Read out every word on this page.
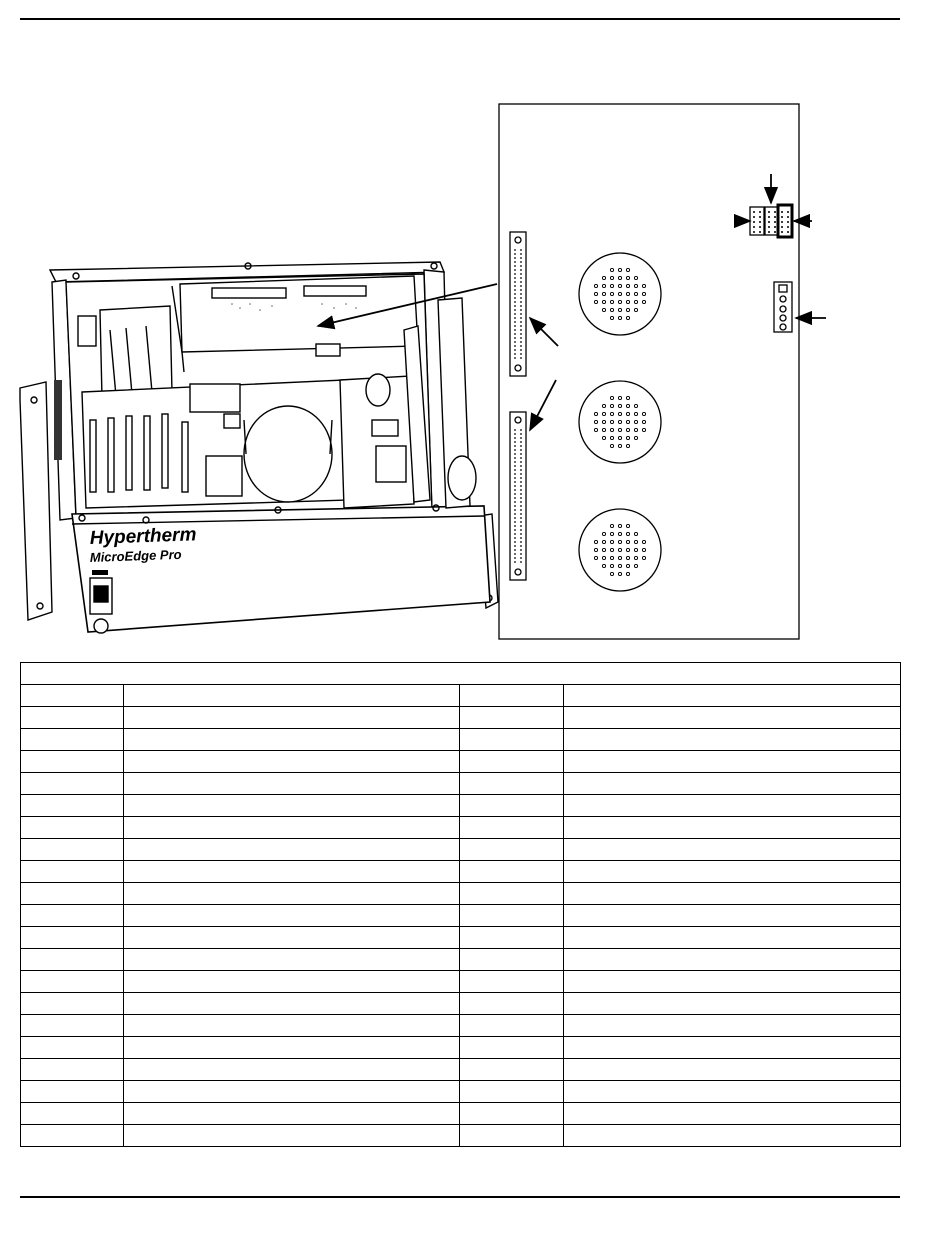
Hypertherm
MicroEdge Pro
